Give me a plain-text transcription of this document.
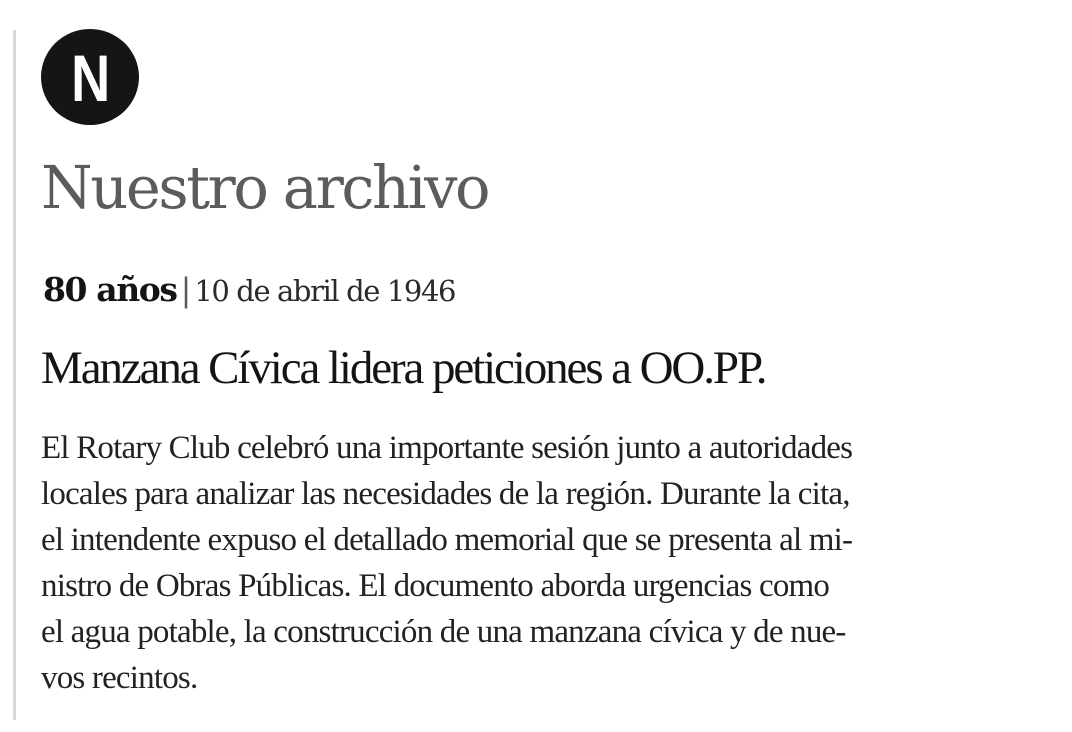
N
Nuestro archivo
80 años | 10 de abril de 1946
Manzana Cívica lidera peticiones a OO.PP.

El Rotary Club celebró una importante sesión junto a autoridades
locales para analizar las necesidades de la región. Durante la cita,
el intendente expuso el detallado memorial que se presenta al mi-
nistro de Obras Públicas. El documento aborda urgencias como
el agua potable, la construcción de una manzana cívica y de nue-
vos recintos.
